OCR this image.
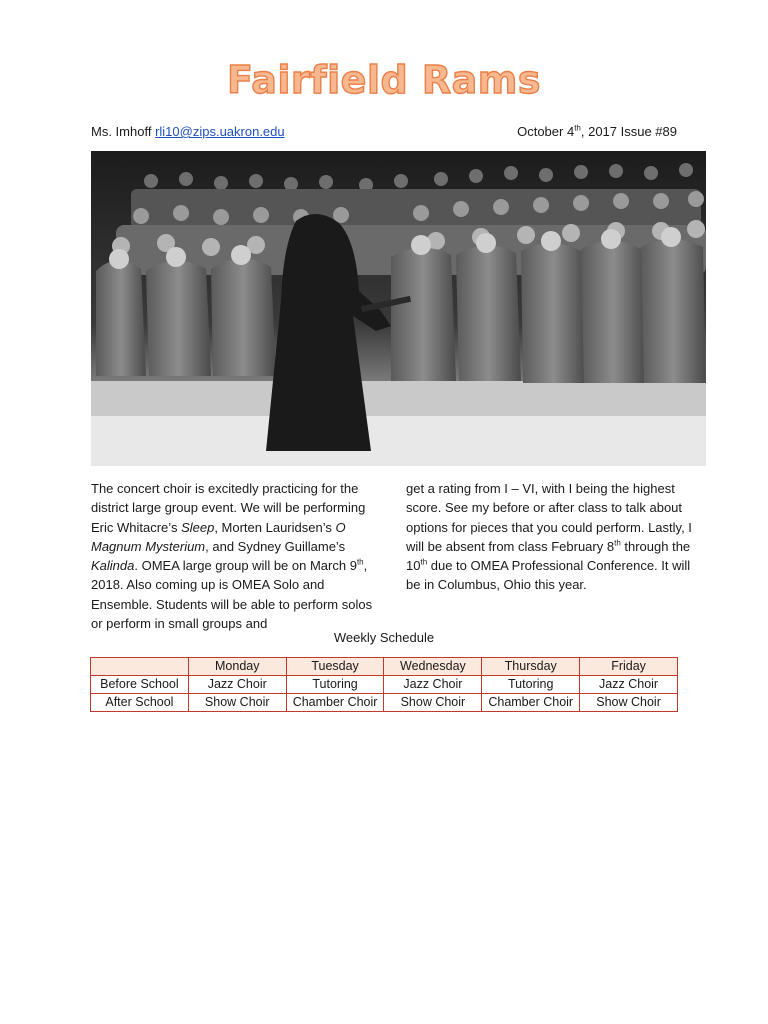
Fairfield Rams
Ms. Imhoff rli10@zips.uakron.edu	October 4th, 2017 Issue #89
The concert choir is excitedly practicing for the district large group event. We will be performing Eric Whitacre’s Sleep, Morten Lauridsen’s O Magnum Mysterium, and Sydney Guillame’s Kalinda. OMEA large group will be on March 9th, 2018. Also coming up is OMEA Solo and Ensemble. Students will be able to perform solos or perform in small groups and
get a rating from I – VI, with I being the highest score. See my before or after class to talk about options for pieces that you could perform. Lastly, I will be absent from class February 8th through the 10th due to OMEA Professional Conference. It will be in Columbus, Ohio this year.
Weekly Schedule
	Monday	Tuesday	Wednesday	Thursday	Friday
Before School	Jazz Choir	Tutoring	Jazz Choir	Tutoring	Jazz Choir
After School	Show Choir	Chamber Choir	Show Choir	Chamber Choir	Show Choir
